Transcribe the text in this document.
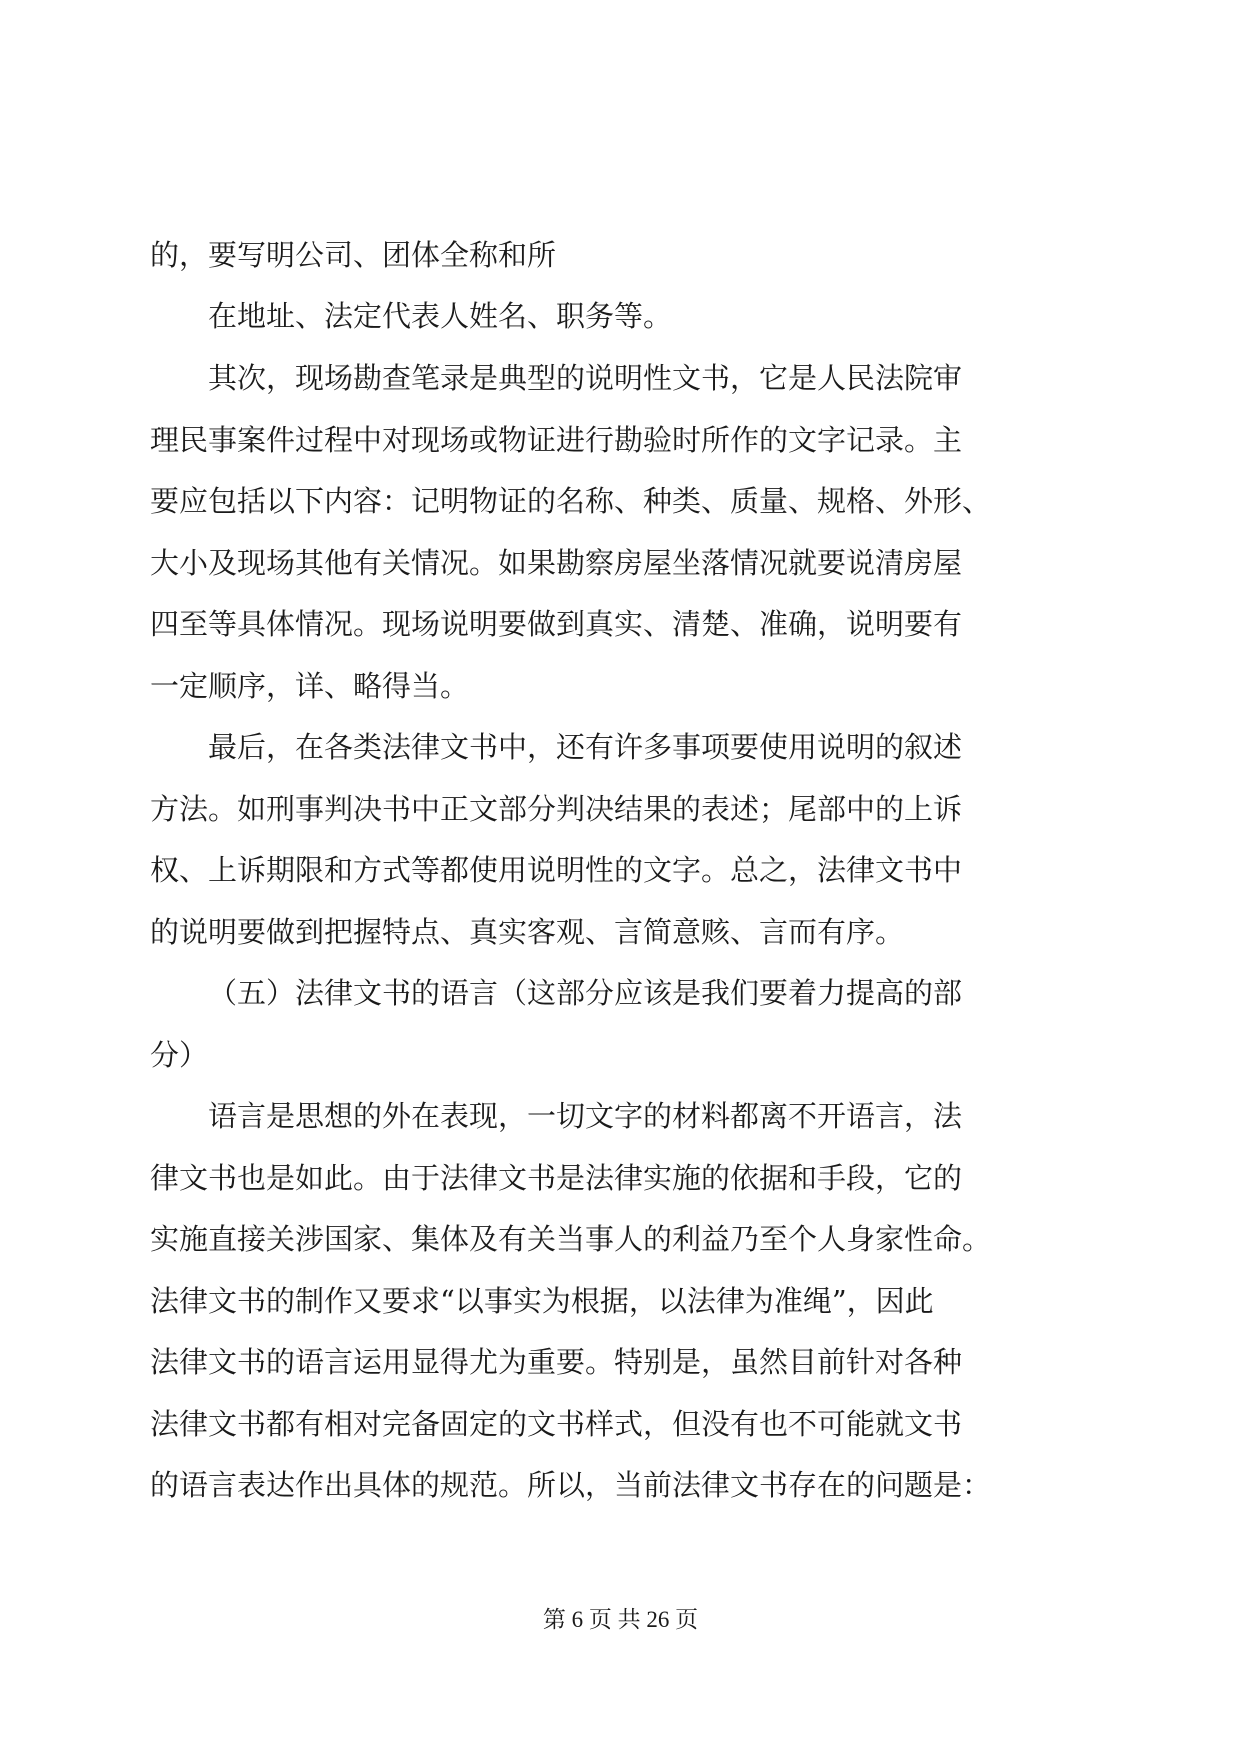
的，要写明公司、团体全称和所

在地址、法定代表人姓名、职务等。

其次，现场勘查笔录是典型的说明性文书，它是人民法院审

理民事案件过程中对现场或物证进行勘验时所作的文字记录。主

要应包括以下内容：记明物证的名称、种类、质量、规格、外形、

大小及现场其他有关情况。如果勘察房屋坐落情况就要说清房屋

四至等具体情况。现场说明要做到真实、清楚、准确，说明要有

一定顺序，详、略得当。

最后，在各类法律文书中，还有许多事项要使用说明的叙述

方法。如刑事判决书中正文部分判决结果的表述；尾部中的上诉

权、上诉期限和方式等都使用说明性的文字。总之，法律文书中

的说明要做到把握特点、真实客观、言简意赅、言而有序。

（五）法律文书的语言（这部分应该是我们要着力提高的部

分）

语言是思想的外在表现，一切文字的材料都离不开语言，法

律文书也是如此。由于法律文书是法律实施的依据和手段，它的

实施直接关涉国家、集体及有关当事人的利益乃至个人身家性命。

法律文书的制作又要求“以事实为根据，以法律为准绳”，因此

法律文书的语言运用显得尤为重要。特别是，虽然目前针对各种

法律文书都有相对完备固定的文书样式，但没有也不可能就文书

的语言表达作出具体的规范。所以，当前法律文书存在的问题是：

第 6 页 共 26 页
